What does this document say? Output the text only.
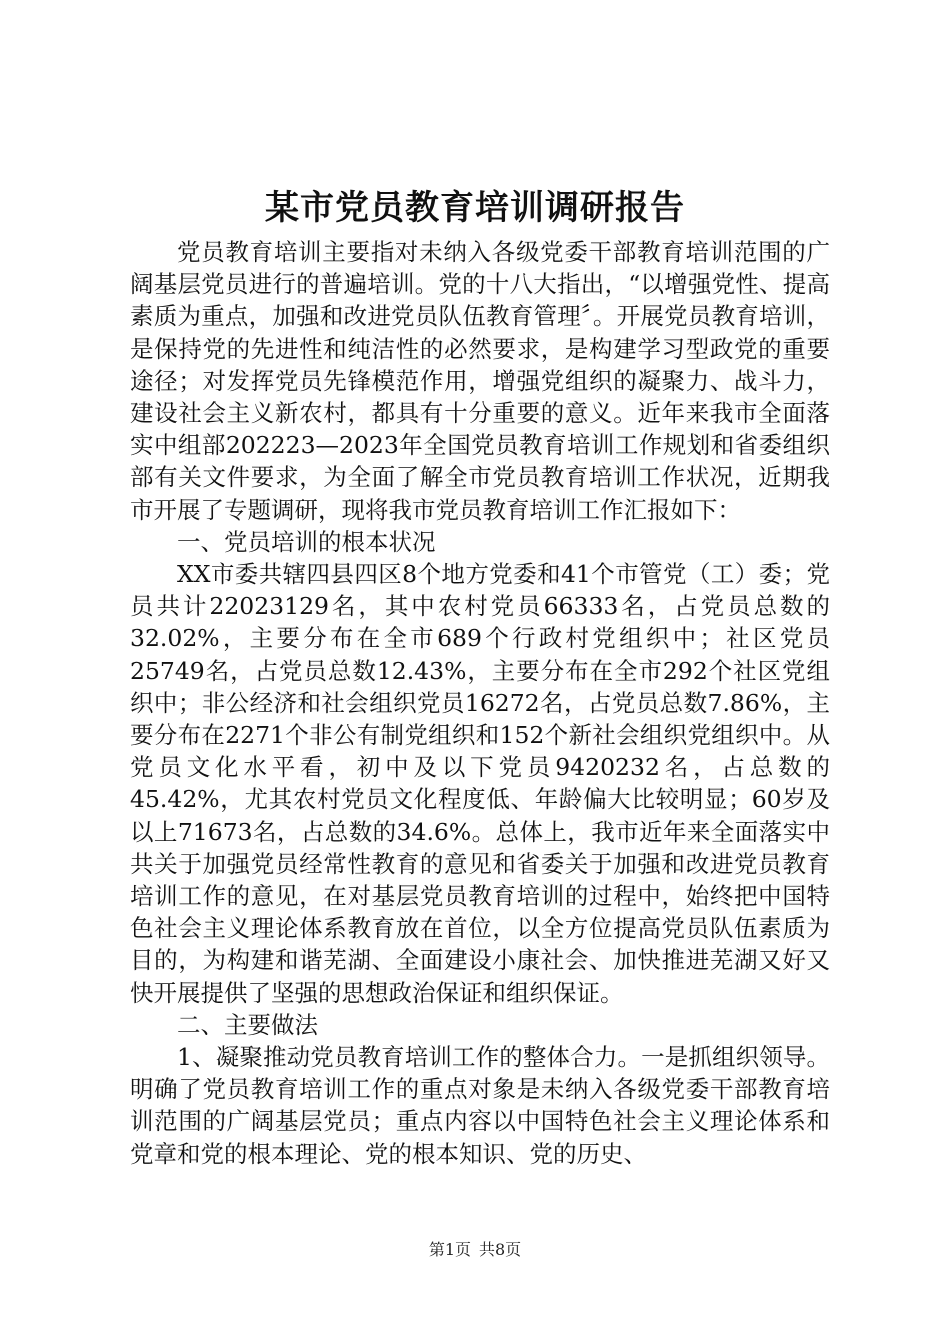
某市党员教育培训调研报告

党员教育培训主要指对未纳入各级党委干部教育培训范围的广阔基层党员进行的普遍培训。党的十八大指出，“以增强党性、提高素质为重点，加强和改进党员队伍教育管理〞。开展党员教育培训，是保持党的先进性和纯洁性的必然要求，是构建学习型政党的重要途径；对发挥党员先锋模范作用，增强党组织的凝聚力、战斗力，建设社会主义新农村，都具有十分重要的意义。近年来我市全面落实中组部202223—2023年全国党员教育培训工作规划和省委组织部有关文件要求，为全面了解全市党员教育培训工作状况，近期我市开展了专题调研，现将我市党员教育培训工作汇报如下：

一、党员培训的根本状况

XX市委共辖四县四区8个地方党委和41个市管党（工）委；党员共计22023129名，其中农村党员66333名，占党员总数的32.02%，主要分布在全市689个行政村党组织中；社区党员25749名，占党员总数12.43%，主要分布在全市292个社区党组织中；非公经济和社会组织党员16272名，占党员总数7.86%，主要分布在2271个非公有制党组织和152个新社会组织党组织中。从党员文化水平看，初中及以下党员9420232名，占总数的45.42%，尤其农村党员文化程度低、年龄偏大比较明显；60岁及以上71673名，占总数的34.6%。总体上，我市近年来全面落实中共关于加强党员经常性教育的意见和省委关于加强和改进党员教育培训工作的意见，在对基层党员教育培训的过程中，始终把中国特色社会主义理论体系教育放在首位，以全方位提高党员队伍素质为目的，为构建和谐芜湖、全面建设小康社会、加快推进芜湖又好又快开展提供了坚强的思想政治保证和组织保证。

二、主要做法

1、凝聚推动党员教育培训工作的整体合力。一是抓组织领导。明确了党员教育培训工作的重点对象是未纳入各级党委干部教育培训范围的广阔基层党员；重点内容以中国特色社会主义理论体系和党章和党的根本理论、党的根本知识、党的历史、

第1页 共8页
